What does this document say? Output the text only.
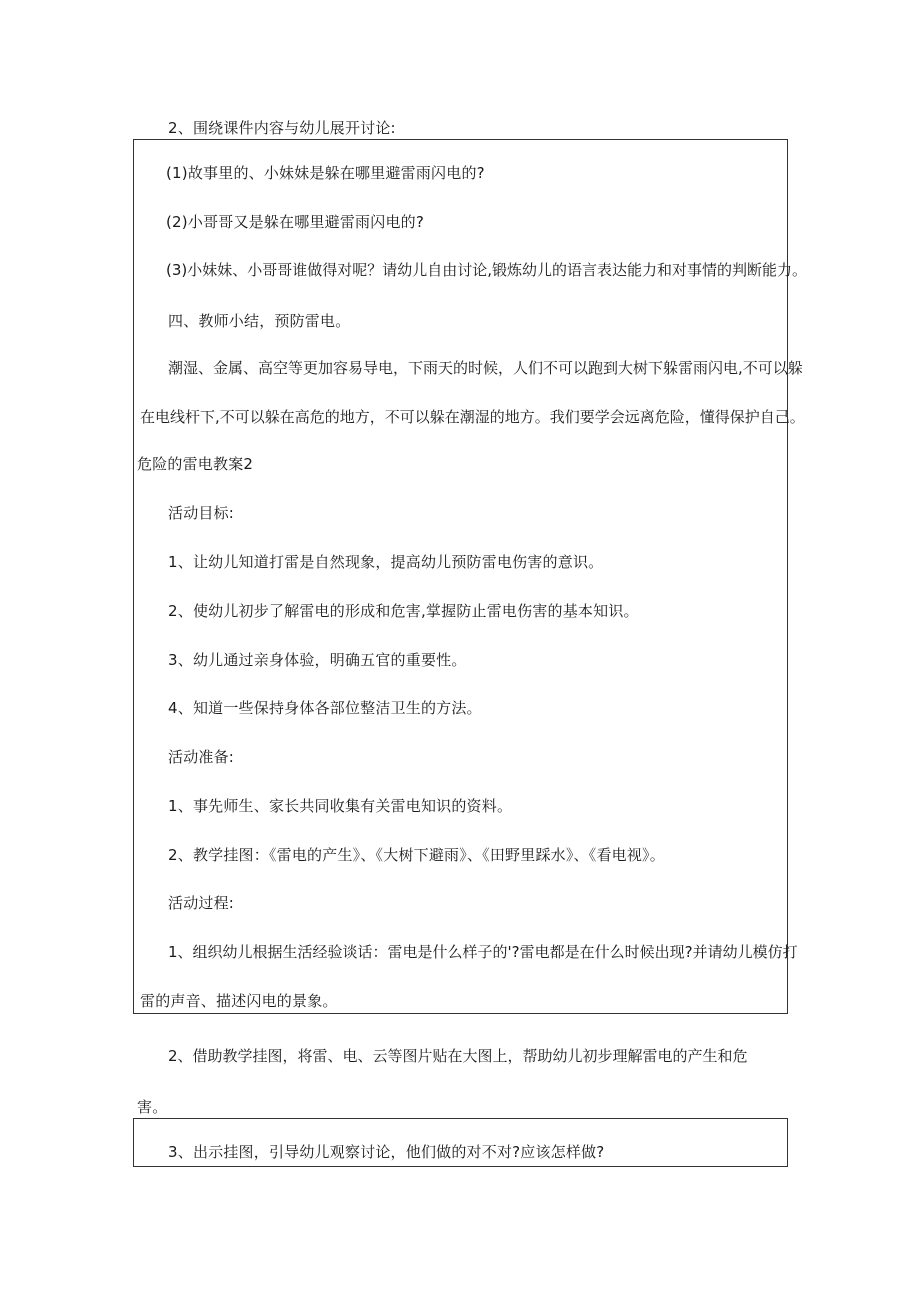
2、围绕课件内容与幼儿展开讨论:
(1)故事里的、小妹妹是躲在哪里避雷雨闪电的?
(2)小哥哥又是躲在哪里避雷雨闪电的?
(3)小妹妹、小哥哥谁做得对呢？请幼儿自由讨论,锻炼幼儿的语言表达能力和对事情的判断能力。
四、教师小结，预防雷电。
潮湿、金属、高空等更加容易导电，下雨天的时候，人们不可以跑到大树下躲雷雨闪电,不可以躲
在电线杆下,不可以躲在高危的地方，不可以躲在潮湿的地方。我们要学会远离危险，懂得保护自己。
危险的雷电教案2
活动目标:
1、让幼儿知道打雷是自然现象，提高幼儿预防雷电伤害的意识。
2、使幼儿初步了解雷电的形成和危害,掌握防止雷电伤害的基本知识。
3、幼儿通过亲身体验，明确五官的重要性。
4、知道一些保持身体各部位整洁卫生的方法。
活动准备:
1、事先师生、家长共同收集有关雷电知识的资料。
2、教学挂图：《雷电的产生》、《大树下避雨》、《田野里踩水》、《看电视》。
活动过程:
1、组织幼儿根据生活经验谈话：雷电是什么样子的'?雷电都是在什么时候出现?并请幼儿模仿打
雷的声音、描述闪电的景象。
2、借助教学挂图，将雷、电、云等图片贴在大图上，帮助幼儿初步理解雷电的产生和危
害。
3、出示挂图，引导幼儿观察讨论，他们做的对不对?应该怎样做?
